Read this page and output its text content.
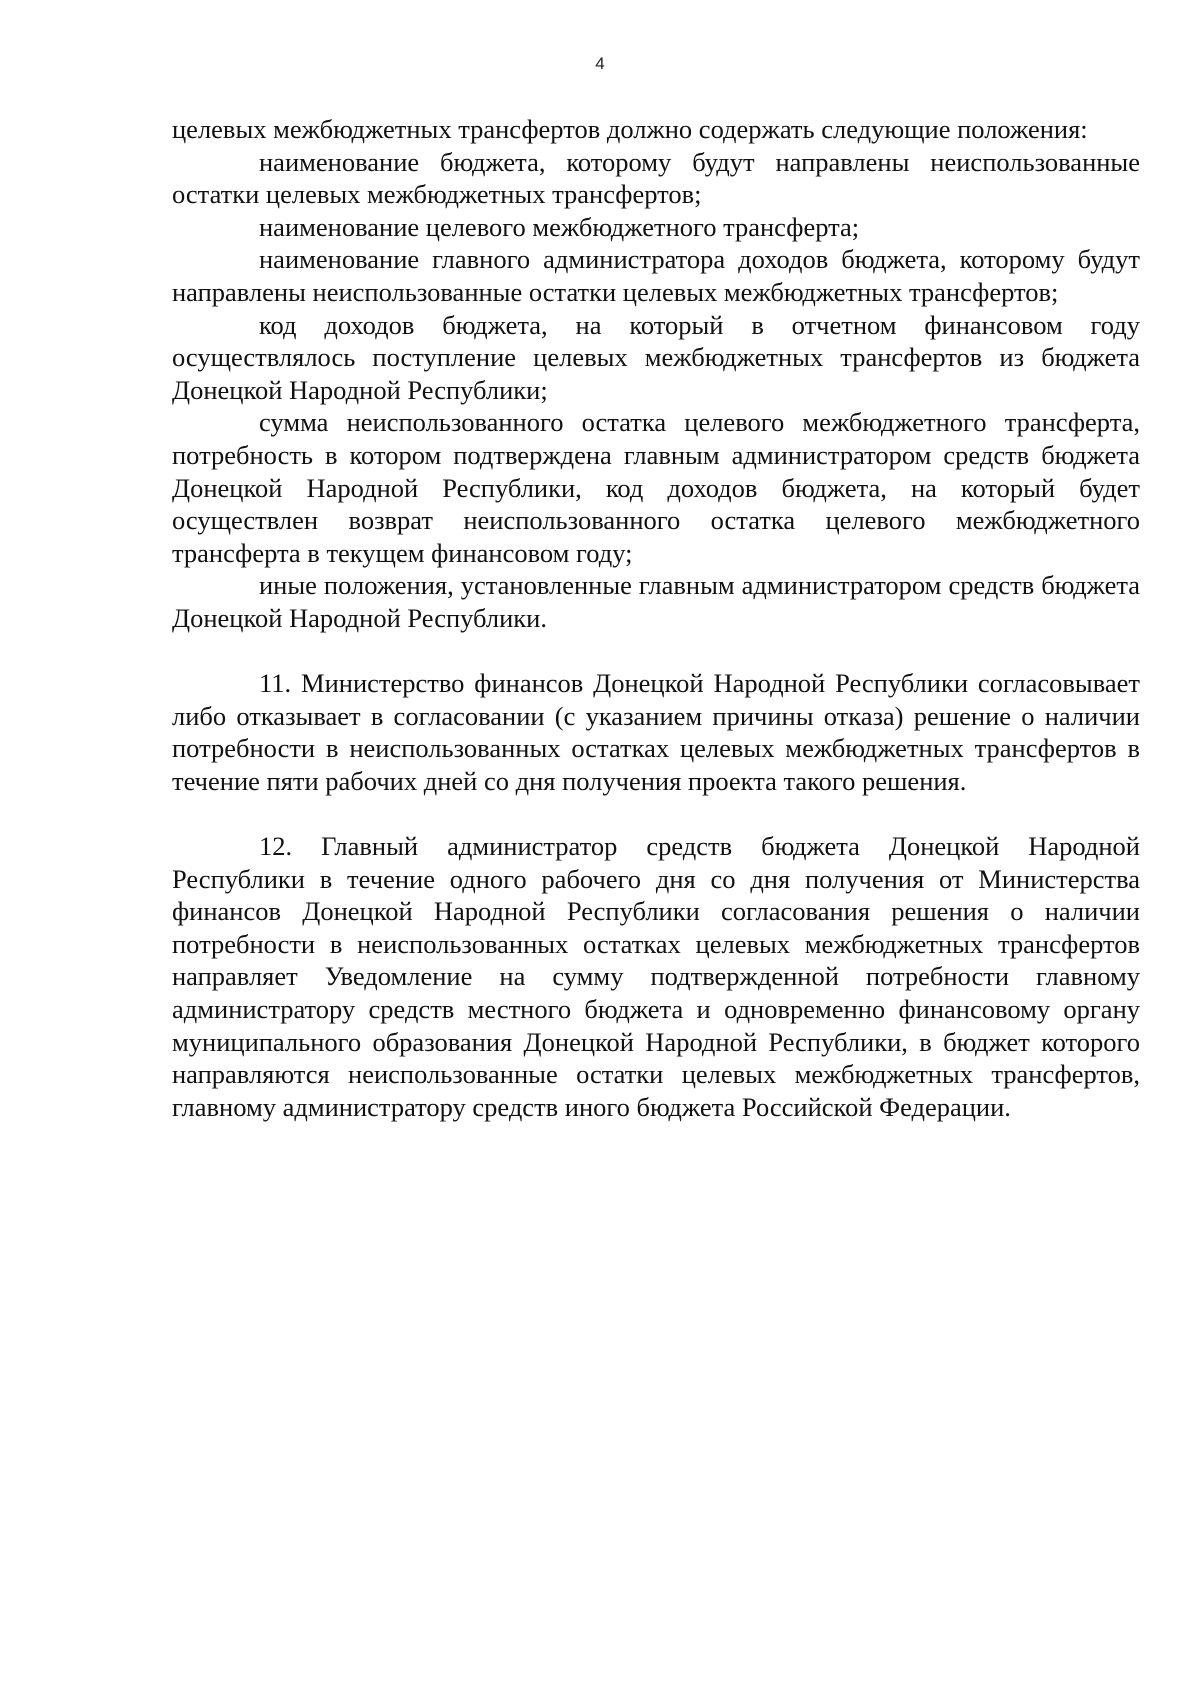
4

целевых межбюджетных трансфертов должно содержать следующие положения:

наименование бюджета, которому будут направлены неиспользованные остатки целевых межбюджетных трансфертов;

наименование целевого межбюджетного трансферта;

наименование главного администратора доходов бюджета, которому будут направлены неиспользованные остатки целевых межбюджетных трансфертов;

код доходов бюджета, на который в отчетном финансовом году осуществлялось поступление целевых межбюджетных трансфертов из бюджета Донецкой Народной Республики;

сумма неиспользованного остатка целевого межбюджетного трансферта, потребность в котором подтверждена главным администратором средств бюджета Донецкой Народной Республики, код доходов бюджета, на который будет осуществлен возврат неиспользованного остатка целевого межбюджетного трансферта в текущем финансовом году;

иные положения, установленные главным администратором средств бюджета Донецкой Народной Республики.

11. Министерство финансов Донецкой Народной Республики согласовывает либо отказывает в согласовании (с указанием причины отказа) решение о наличии потребности в неиспользованных остатках целевых межбюджетных трансфертов в течение пяти рабочих дней со дня получения проекта такого решения.

12. Главный администратор средств бюджета Донецкой Народной Республики в течение одного рабочего дня со дня получения от Министерства финансов Донецкой Народной Республики согласования решения о наличии потребности в неиспользованных остатках целевых межбюджетных трансфертов направляет Уведомление на сумму подтвержденной потребности главному администратору средств местного бюджета и одновременно финансовому органу муниципального образования Донецкой Народной Республики, в бюджет которого направляются неиспользованные остатки целевых межбюджетных трансфертов, главному администратору средств иного бюджета Российской Федерации.
